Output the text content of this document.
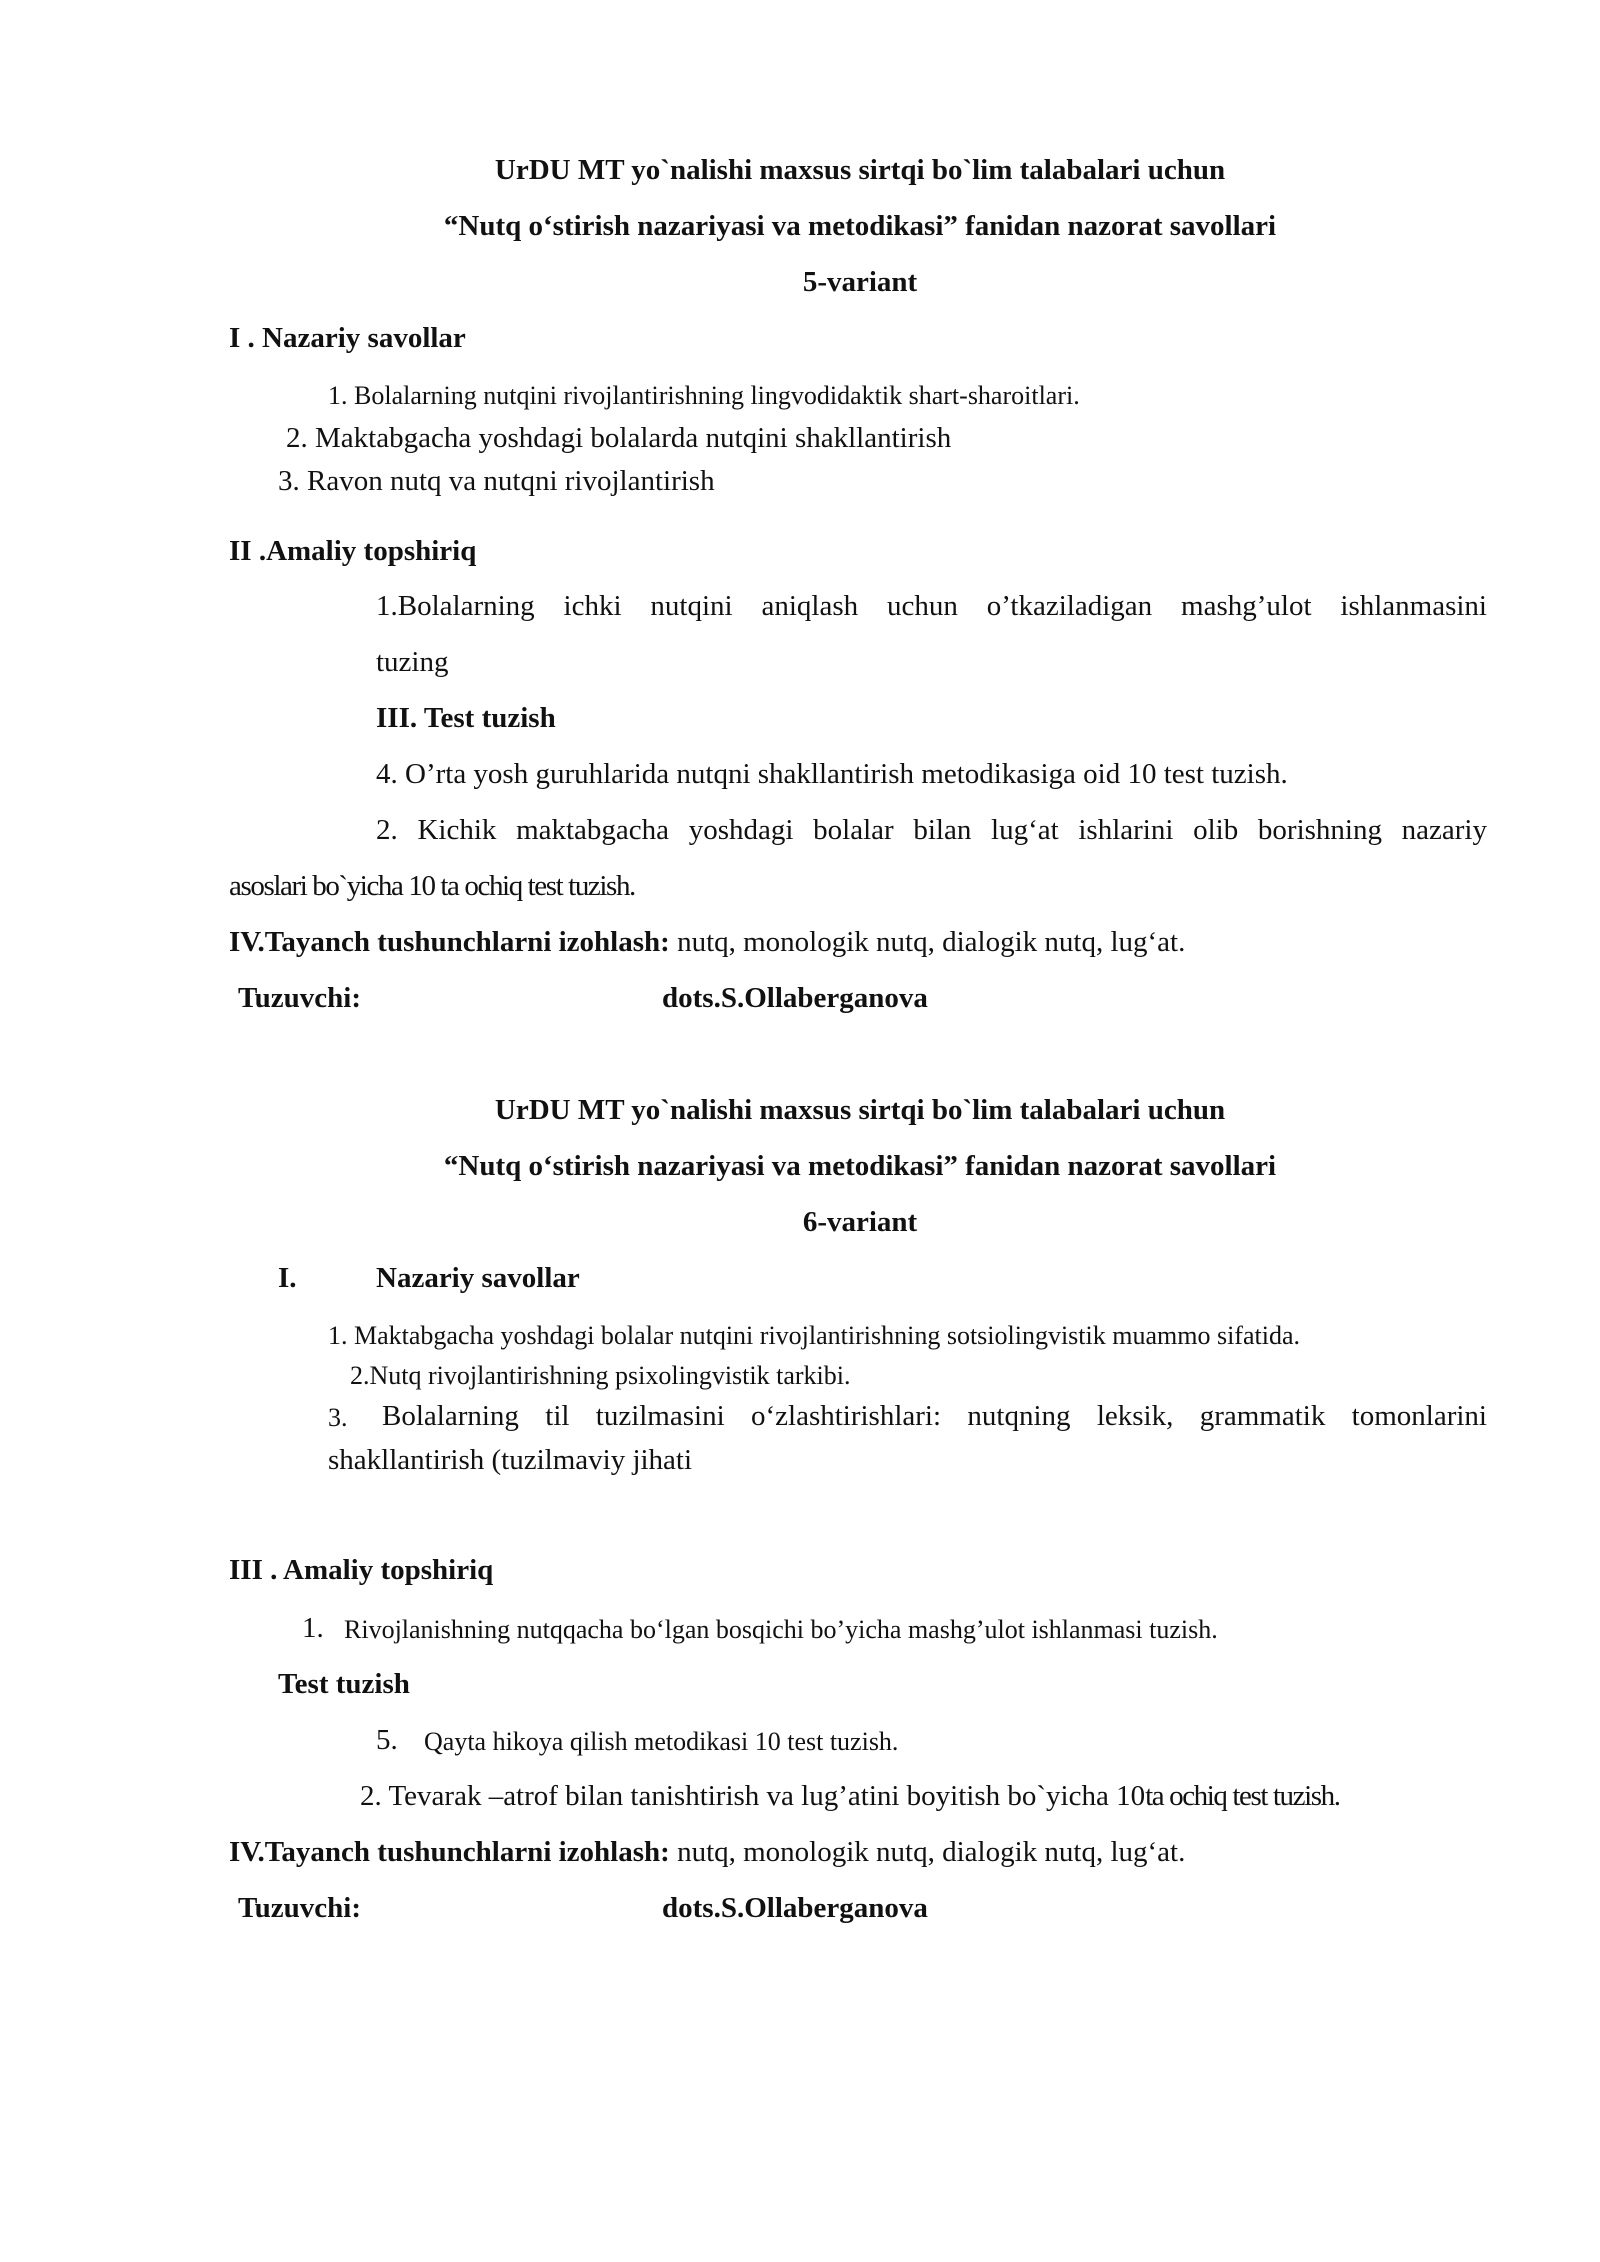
UrDU MT yo`nalishi maxsus sirtqi bo`lim talabalari uchun
“Nutq o‘stirish nazariyasi va metodikasi” fanidan nazorat savollari
5-variant
I . Nazariy savollar
1. Bolalarning nutqini rivojlantirishning lingvodidaktik shart-sharoitlari.
2. Maktabgacha yoshdagi bolalarda nutqini shakllantirish
3. Ravon nutq va nutqni rivojlantirish
II .Amaliy topshiriq
1.Bolalarning ichki nutqini aniqlash uchun o’tkaziladigan mashg’ulot ishlanmasini
tuzing
III. Test tuzish
4. O’rta yosh guruhlarida nutqni shakllantirish metodikasiga oid 10 test tuzish.
2. Kichik maktabgacha yoshdagi bolalar bilan lug‘at ishlarini olib borishning nazariy
asoslari bo`yicha 10 ta ochiq test tuzish.
IV.Tayanch tushunchlarni izohlash: nutq, monologik nutq, dialogik nutq, lug‘at.
Tuzuvchi:	dots.S.Ollaberganova
UrDU MT yo`nalishi maxsus sirtqi bo`lim talabalari uchun
“Nutq o‘stirish nazariyasi va metodikasi” fanidan nazorat savollari
6-variant
I.	Nazariy savollar
1. Maktabgacha yoshdagi bolalar nutqini rivojlantirishning sotsiolingvistik muammo sifatida.
2.Nutq rivojlantirishning psixolingvistik tarkibi.
3. Bolalarning til tuzilmasini o‘zlashtirishlari: nutqning leksik, grammatik tomonlarini
shakllantirish (tuzilmaviy jihati
III . Amaliy topshiriq
1. Rivojlanishning nutqqacha bo‘lgan bosqichi bo’yicha mashg’ulot ishlanmasi tuzish.
Test tuzish
5. Qayta hikoya qilish metodikasi 10 test tuzish.
2. Tevarak –atrof bilan tanishtirish va lug’atini boyitish bo`yicha 10ta ochiq test tuzish.
IV.Tayanch tushunchlarni izohlash: nutq, monologik nutq, dialogik nutq, lug‘at.
Tuzuvchi:	dots.S.Ollaberganova
